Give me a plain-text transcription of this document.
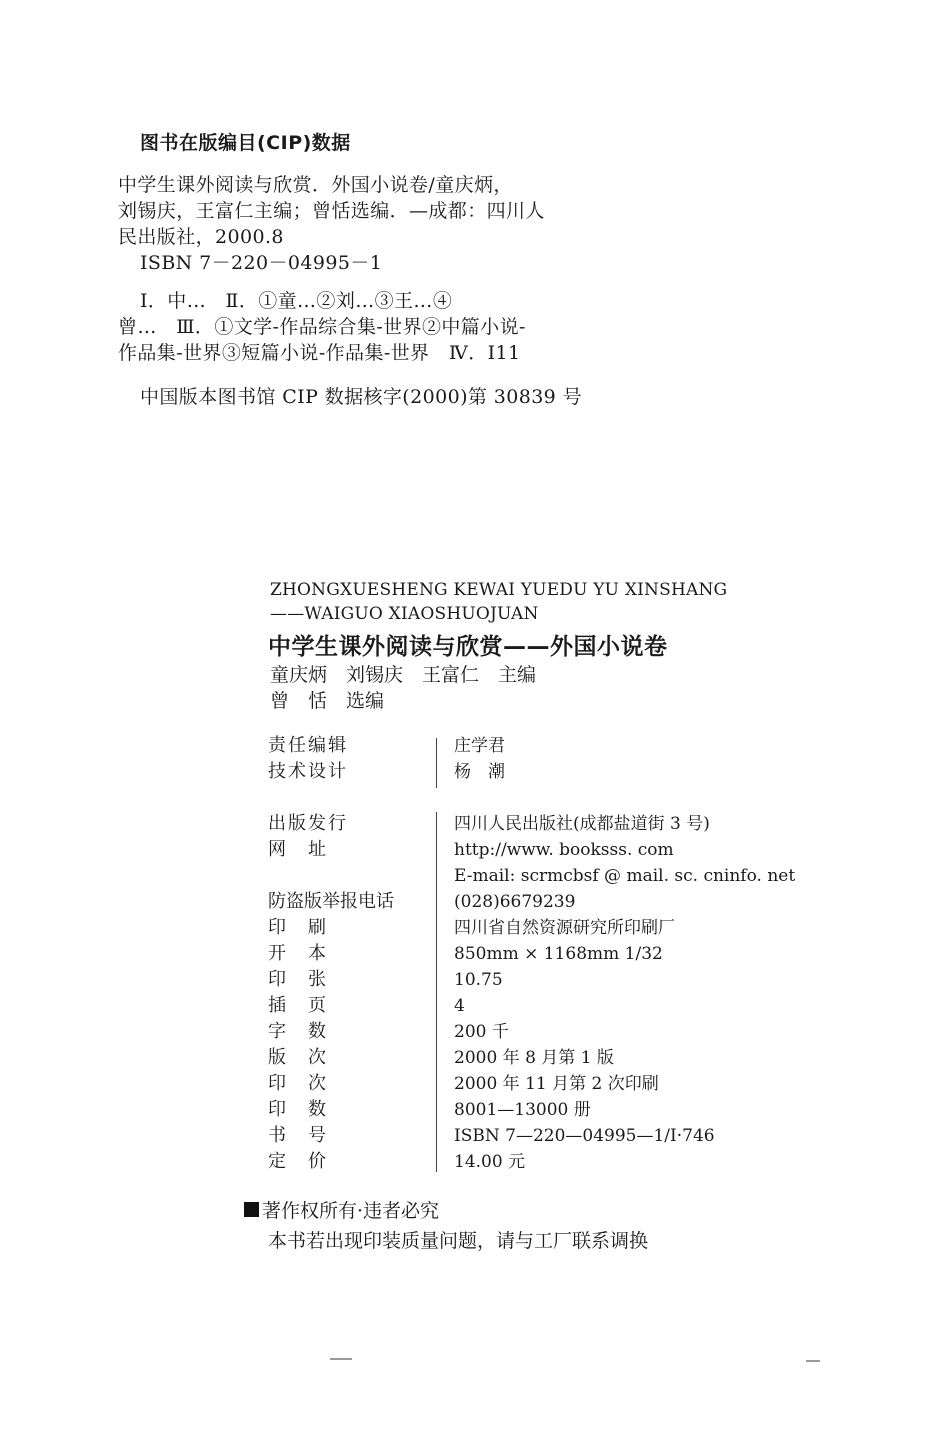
图书在版编目(CIP)数据
中学生课外阅读与欣赏．外国小说卷/童庆炳，
刘锡庆，王富仁主编；曾恬选编．—成都：四川人
民出版社，2000.8
ISBN 7－220－04995－1
Ⅰ．中…　Ⅱ．①童…②刘…③王…④
曾…　Ⅲ．①文学-作品综合集-世界②中篇小说-
作品集-世界③短篇小说-作品集-世界　Ⅳ．I11
中国版本图书馆 CIP 数据核字(2000)第 30839 号
ZHONGXUESHENG KEWAI YUEDU YU XINSHANG
——WAIGUO XIAOSHUOJUAN
中学生课外阅读与欣赏——外国小说卷
童庆炳　刘锡庆　王富仁　主编
曾　恬　选编
责任编辑	庄学君
技术设计	杨　潮
出版发行	四川人民出版社(成都盐道街 3 号)
网　址	http://www. booksss. com
E-mail: scrmcbsf @ mail. sc. cninfo. net
防盗版举报电话	(028)6679239
印　刷	四川省自然资源研究所印刷厂
开　本	850mm × 1168mm 1/32
印　张	10.75
插　页	4
字　数	200 千
版　次	2000 年 8 月第 1 版
印　次	2000 年 11 月第 2 次印刷
印　数	8001—13000 册
书　号	ISBN 7—220—04995—1/I·746
定　价	14.00 元
著作权所有·违者必究
本书若出现印装质量问题，请与工厂联系调换
